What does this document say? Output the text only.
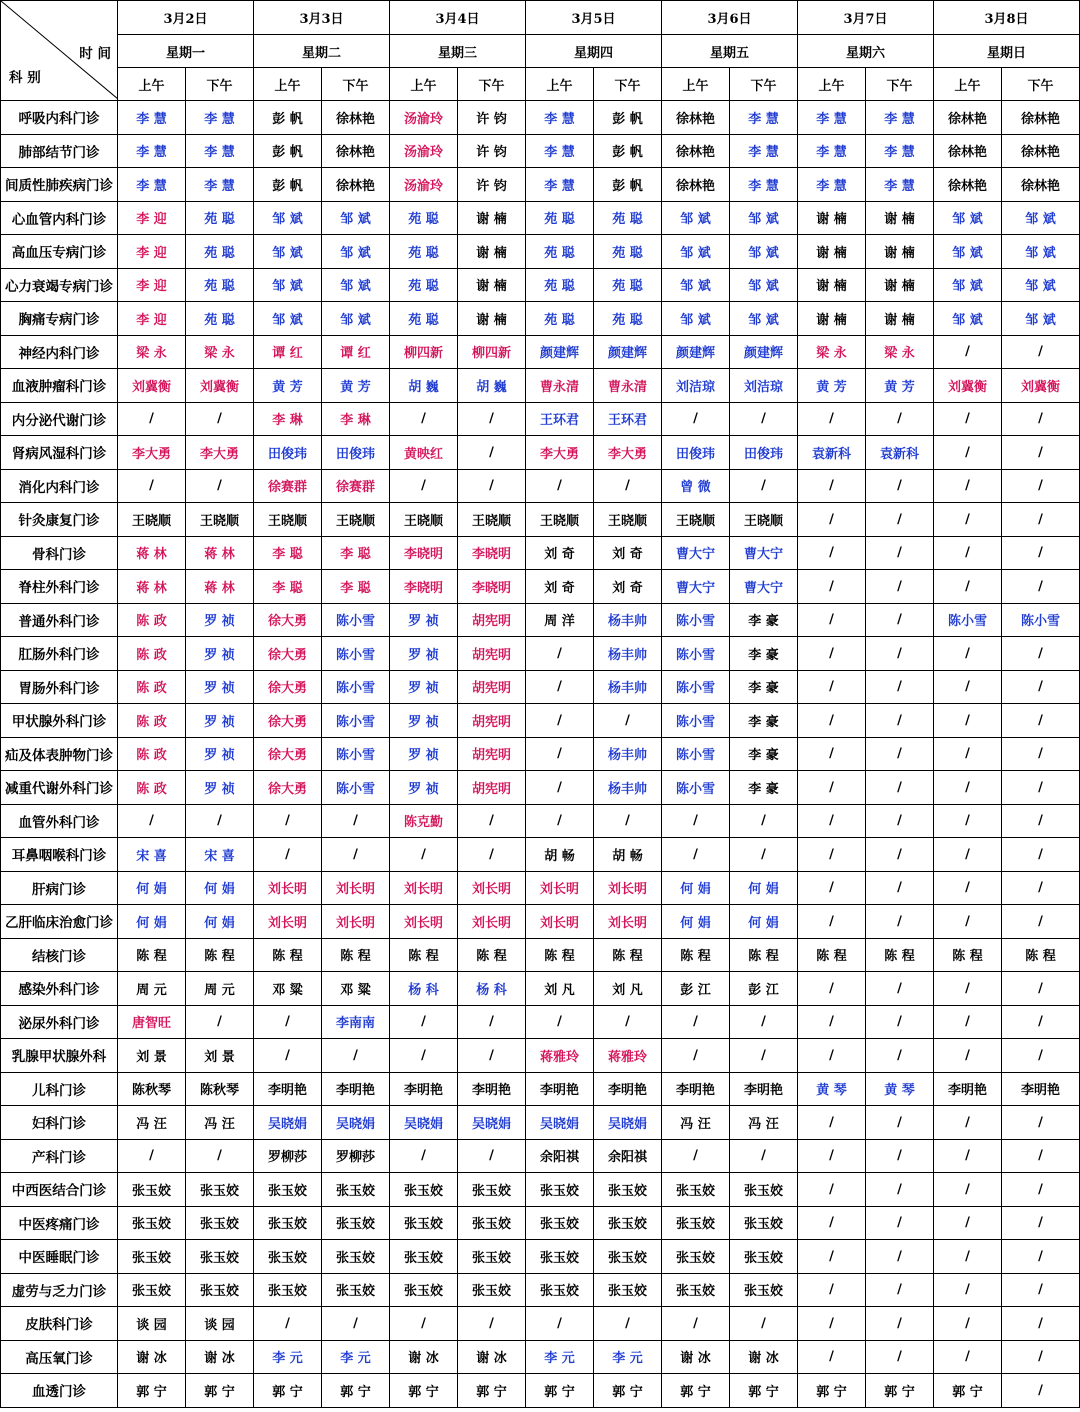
科 别
时 间	3月2日		3月3日		3月4日		3月5日		3月6日		3月7日		3月8日	
	星期一		星期二		星期三		星期四		星期五		星期六		星期日	
	上午	下午	上午	下午	上午	下午	上午	下午	上午	下午	上午	下午	上午	下午
呼吸内科门诊	李 慧	李 慧	彭 帆	徐林艳	汤渝玲	许 钧	李 慧	彭 帆	徐林艳	李 慧	李 慧	李 慧	徐林艳	徐林艳
肺部结节门诊	李 慧	李 慧	彭 帆	徐林艳	汤渝玲	许 钧	李 慧	彭 帆	徐林艳	李 慧	李 慧	李 慧	徐林艳	徐林艳
间质性肺疾病门诊	李 慧	李 慧	彭 帆	徐林艳	汤渝玲	许 钧	李 慧	彭 帆	徐林艳	李 慧	李 慧	李 慧	徐林艳	徐林艳
心血管内科门诊	李 迎	苑 聪	邹 斌	邹 斌	苑 聪	谢 楠	苑 聪	苑 聪	邹 斌	邹 斌	谢 楠	谢 楠	邹 斌	邹 斌
高血压专病门诊	李 迎	苑 聪	邹 斌	邹 斌	苑 聪	谢 楠	苑 聪	苑 聪	邹 斌	邹 斌	谢 楠	谢 楠	邹 斌	邹 斌
心力衰竭专病门诊	李 迎	苑 聪	邹 斌	邹 斌	苑 聪	谢 楠	苑 聪	苑 聪	邹 斌	邹 斌	谢 楠	谢 楠	邹 斌	邹 斌
胸痛专病门诊	李 迎	苑 聪	邹 斌	邹 斌	苑 聪	谢 楠	苑 聪	苑 聪	邹 斌	邹 斌	谢 楠	谢 楠	邹 斌	邹 斌
神经内科门诊	梁 永	梁 永	谭 红	谭 红	柳四新	柳四新	颜建辉	颜建辉	颜建辉	颜建辉	梁 永	梁 永	/	/
血液肿瘤科门诊	刘冀衡	刘冀衡	黄 芳	黄 芳	胡 巍	胡 巍	曹永清	曹永清	刘洁琼	刘洁琼	黄 芳	黄 芳	刘冀衡	刘冀衡
内分泌代谢门诊	/	/	李 琳	李 琳	/	/	王环君	王环君	/	/	/	/	/	/
肾病风湿科门诊	李大勇	李大勇	田俊玮	田俊玮	黄映红	/	李大勇	李大勇	田俊玮	田俊玮	袁新科	袁新科	/	/
消化内科门诊	/	/	徐赛群	徐赛群	/	/	/	/	曾 微	/	/	/	/	/
针灸康复门诊	王晓顺	王晓顺	王晓顺	王晓顺	王晓顺	王晓顺	王晓顺	王晓顺	王晓顺	王晓顺	/	/	/	/
骨科门诊	蒋 林	蒋 林	李 聪	李 聪	李晓明	李晓明	刘 奇	刘 奇	曹大宁	曹大宁	/	/	/	/
脊柱外科门诊	蒋 林	蒋 林	李 聪	李 聪	李晓明	李晓明	刘 奇	刘 奇	曹大宁	曹大宁	/	/	/	/
普通外科门诊	陈 政	罗 祯	徐大勇	陈小雪	罗 祯	胡宪明	周 洋	杨丰帅	陈小雪	李 豪	/	/	陈小雪	陈小雪
肛肠外科门诊	陈 政	罗 祯	徐大勇	陈小雪	罗 祯	胡宪明	/	杨丰帅	陈小雪	李 豪	/	/	/	/
胃肠外科门诊	陈 政	罗 祯	徐大勇	陈小雪	罗 祯	胡宪明	/	杨丰帅	陈小雪	李 豪	/	/	/	/
甲状腺外科门诊	陈 政	罗 祯	徐大勇	陈小雪	罗 祯	胡宪明	/	/	陈小雪	李 豪	/	/	/	/
疝及体表肿物门诊	陈 政	罗 祯	徐大勇	陈小雪	罗 祯	胡宪明	/	杨丰帅	陈小雪	李 豪	/	/	/	/
减重代谢外科门诊	陈 政	罗 祯	徐大勇	陈小雪	罗 祯	胡宪明	/	杨丰帅	陈小雪	李 豪	/	/	/	/
血管外科门诊	/	/	/	/	陈克勤	/	/	/	/	/	/	/	/	/
耳鼻咽喉科门诊	宋 喜	宋 喜	/	/	/	/	胡 畅	胡 畅	/	/	/	/	/	/
肝病门诊	何 娟	何 娟	刘长明	刘长明	刘长明	刘长明	刘长明	刘长明	何 娟	何 娟	/	/	/	/
乙肝临床治愈门诊	何 娟	何 娟	刘长明	刘长明	刘长明	刘长明	刘长明	刘长明	何 娟	何 娟	/	/	/	/
结核门诊	陈 程	陈 程	陈 程	陈 程	陈 程	陈 程	陈 程	陈 程	陈 程	陈 程	陈 程	陈 程	陈 程	陈 程
感染外科门诊	周 元	周 元	邓 粱	邓 粱	杨 科	杨 科	刘 凡	刘 凡	彭 江	彭 江	/	/	/	/
泌尿外科门诊	唐智旺	/	/	李南南	/	/	/	/	/	/	/	/	/	/
乳腺甲状腺外科	刘 景	刘 景	/	/	/	/	蒋雅玲	蒋雅玲	/	/	/	/	/	/
儿科门诊	陈秋琴	陈秋琴	李明艳	李明艳	李明艳	李明艳	李明艳	李明艳	李明艳	李明艳	黄 琴	黄 琴	李明艳	李明艳
妇科门诊	冯 汪	冯 汪	吴晓娟	吴晓娟	吴晓娟	吴晓娟	吴晓娟	吴晓娟	冯 汪	冯 汪	/	/	/	/
产科门诊	/	/	罗柳莎	罗柳莎	/	/	余阳祺	余阳祺	/	/	/	/	/	/
中西医结合门诊	张玉姣	张玉姣	张玉姣	张玉姣	张玉姣	张玉姣	张玉姣	张玉姣	张玉姣	张玉姣	/	/	/	/
中医疼痛门诊	张玉姣	张玉姣	张玉姣	张玉姣	张玉姣	张玉姣	张玉姣	张玉姣	张玉姣	张玉姣	/	/	/	/
中医睡眠门诊	张玉姣	张玉姣	张玉姣	张玉姣	张玉姣	张玉姣	张玉姣	张玉姣	张玉姣	张玉姣	/	/	/	/
虚劳与乏力门诊	张玉姣	张玉姣	张玉姣	张玉姣	张玉姣	张玉姣	张玉姣	张玉姣	张玉姣	张玉姣	/	/	/	/
皮肤科门诊	谈 园	谈 园	/	/	/	/	/	/	/	/	/	/	/	/
高压氧门诊	谢 冰	谢 冰	李 元	李 元	谢 冰	谢 冰	李 元	李 元	谢 冰	谢 冰	/	/	/	/
血透门诊	郭 宁	郭 宁	郭 宁	郭 宁	郭 宁	郭 宁	郭 宁	郭 宁	郭 宁	郭 宁	郭 宁	郭 宁	郭 宁	/
